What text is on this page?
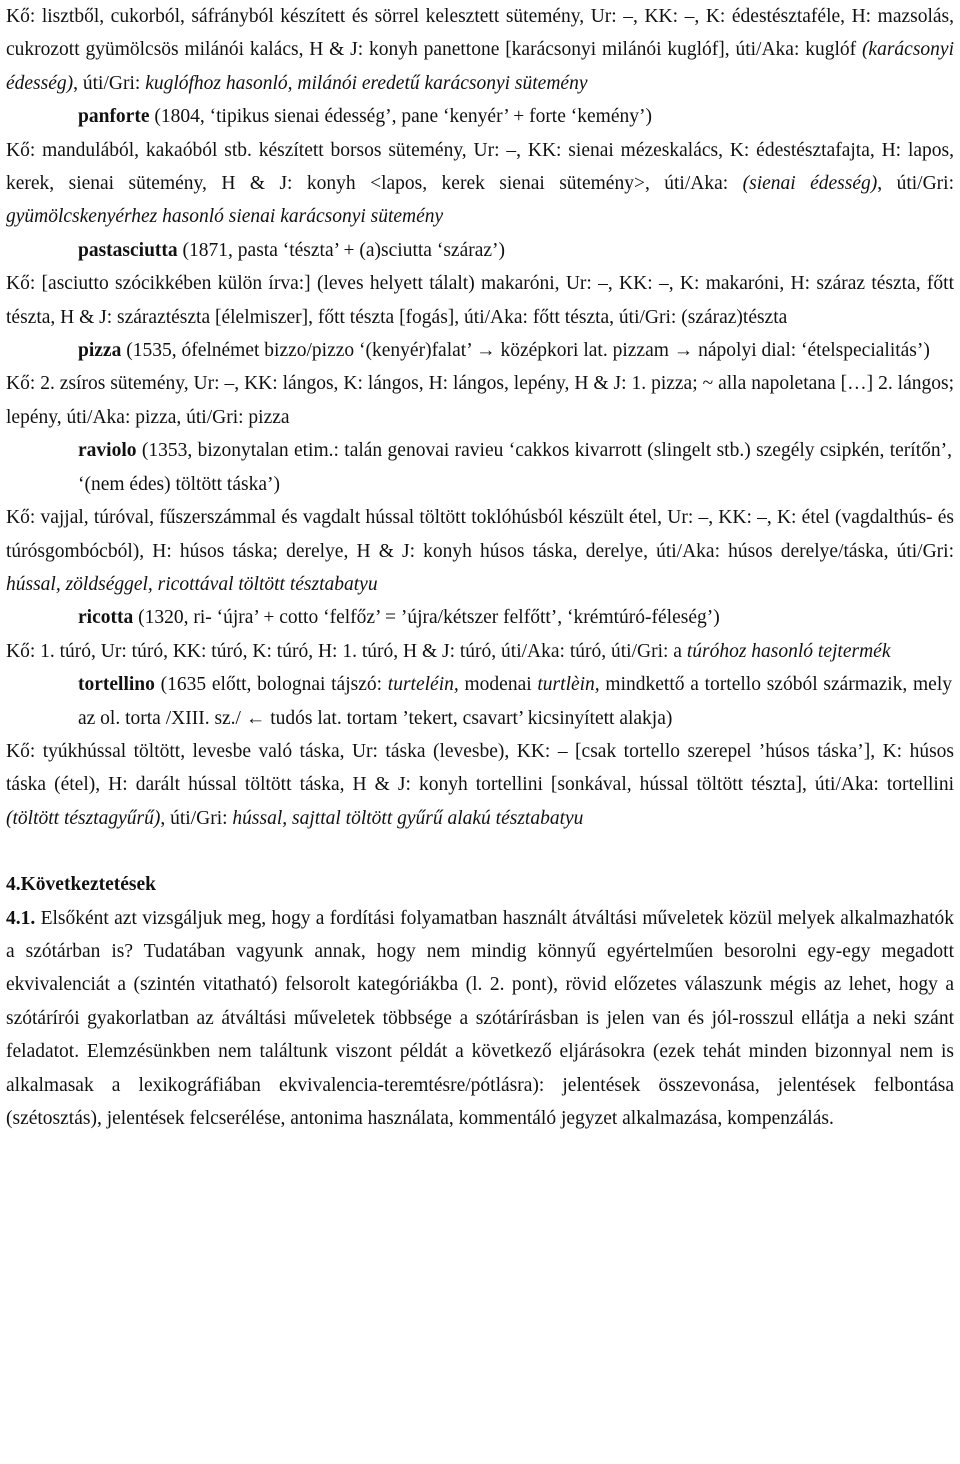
Kő: lisztből, cukorból, sáfrányból készített és sörrel kelesztett sütemény, Ur: –, KK: –, K: édestésztaféle, H: mazsolás, cukrozott gyümölcsös milánói kalács, H & J: konyh panettone [karácsonyi milánói kuglóf], úti/Aka: kuglóf (karácsonyi édesség), úti/Gri: kuglófhoz hasonló, milánói eredetű karácsonyi sütemény

panforte (1804, ‘tipikus sienai édesség’, pane ‘kenyér’ + forte ‘kemény’)

Kő: mandulából, kakaóból stb. készített borsos sütemény, Ur: –, KK: sienai mézeskalács, K: édestésztafajta, H: lapos, kerek, sienai sütemény, H & J: konyh <lapos, kerek sienai sütemény>, úti/Aka: (sienai édesség), úti/Gri: gyümölcskenyérhez hasonló sienai karácsonyi sütemény

pastasciutta (1871, pasta ‘tészta’ + (a)sciutta ‘száraz’)

Kő: [asciutto szócikkében külön írva:] (leves helyett tálalt) makaróni, Ur: –, KK: –, K: makaróni, H: száraz tészta, főtt tészta, H & J: száraztészta [élelmiszer], főtt tészta [fogás], úti/Aka: főtt tészta, úti/Gri: (száraz)tészta

pizza (1535, ófelnémet bizzo/pizzo ‘(kenyér)falat’ → középkori lat. pizzam → nápolyi dial: ‘ételspecialitás’)

Kő: 2. zsíros sütemény, Ur: –, KK: lángos, K: lángos, H: lángos, lepény, H & J: 1. pizza; ~ alla napoletana […] 2. lángos; lepény, úti/Aka: pizza, úti/Gri: pizza

raviolo (1353, bizonytalan etim.: talán genovai ravieu ‘cakkos kivarrott (slingelt stb.) szegély csipkén, terítőn’, ‘(nem édes) töltött táska’)

Kő: vajjal, túróval, fűszerszámmal és vagdalt hússal töltött toklóhúsból készült étel, Ur: –, KK: –, K: étel (vagdalthús- és túrósgombócból), H: húsos táska; derelye, H & J: konyh húsos táska, derelye, úti/Aka: húsos derelye/táska, úti/Gri: hússal, zöldséggel, ricottával töltött tésztabatyu

ricotta (1320, ri- ‘újra’ + cotto ‘felfőz’ = ’újra/kétszer felfőtt’, ‘krémtúró-féleség’)

Kő: 1. túró, Ur: túró, KK: túró, K: túró, H: 1. túró, H & J: túró, úti/Aka: túró, úti/Gri: a túróhoz hasonló tejtermék

tortellino (1635 előtt, bolognai tájszó: turteléin, modenai turtlèin, mindkettő a tortello szóból származik, mely az ol. torta /XIII. sz./ ← tudós lat. tortam ’tekert, csavart’ kicsinyített alakja)

Kő: tyúkhússal töltött, levesbe való táska, Ur: táska (levesbe), KK: – [csak tortello szerepel ’húsos táska’], K: húsos táska (étel), H: darált hússal töltött táska, H & J: konyh tortellini [sonkával, hússal töltött tészta], úti/Aka: tortellini (töltött tésztagyűrű), úti/Gri: hússal, sajttal töltött gyűrű alakú tésztabatyu

4.Következtetések

4.1. Elsőként azt vizsgáljuk meg, hogy a fordítási folyamatban használt átváltási műveletek közül melyek alkalmazhatók a szótárban is? Tudatában vagyunk annak, hogy nem mindig könnyű egyértelműen besorolni egy-egy megadott ekvivalenciát a (szintén vitatható) felsorolt kategóriákba (l. 2. pont), rövid előzetes válaszunk mégis az lehet, hogy a szótárírói gyakorlatban az átváltási műveletek többsége a szótárírásban is jelen van és jól-rosszul ellátja a neki szánt feladatot. Elemzésünkben nem találtunk viszont példát a következő eljárásokra (ezek tehát minden bizonnyal nem is alkalmasak a lexikográfiában ekvivalencia-teremtésre/pótlásra): jelentések összevonása, jelentések felbontása (szétosztás), jelentések felcserélése, antonima használata, kommentáló jegyzet alkalmazása, kompenzálás.
